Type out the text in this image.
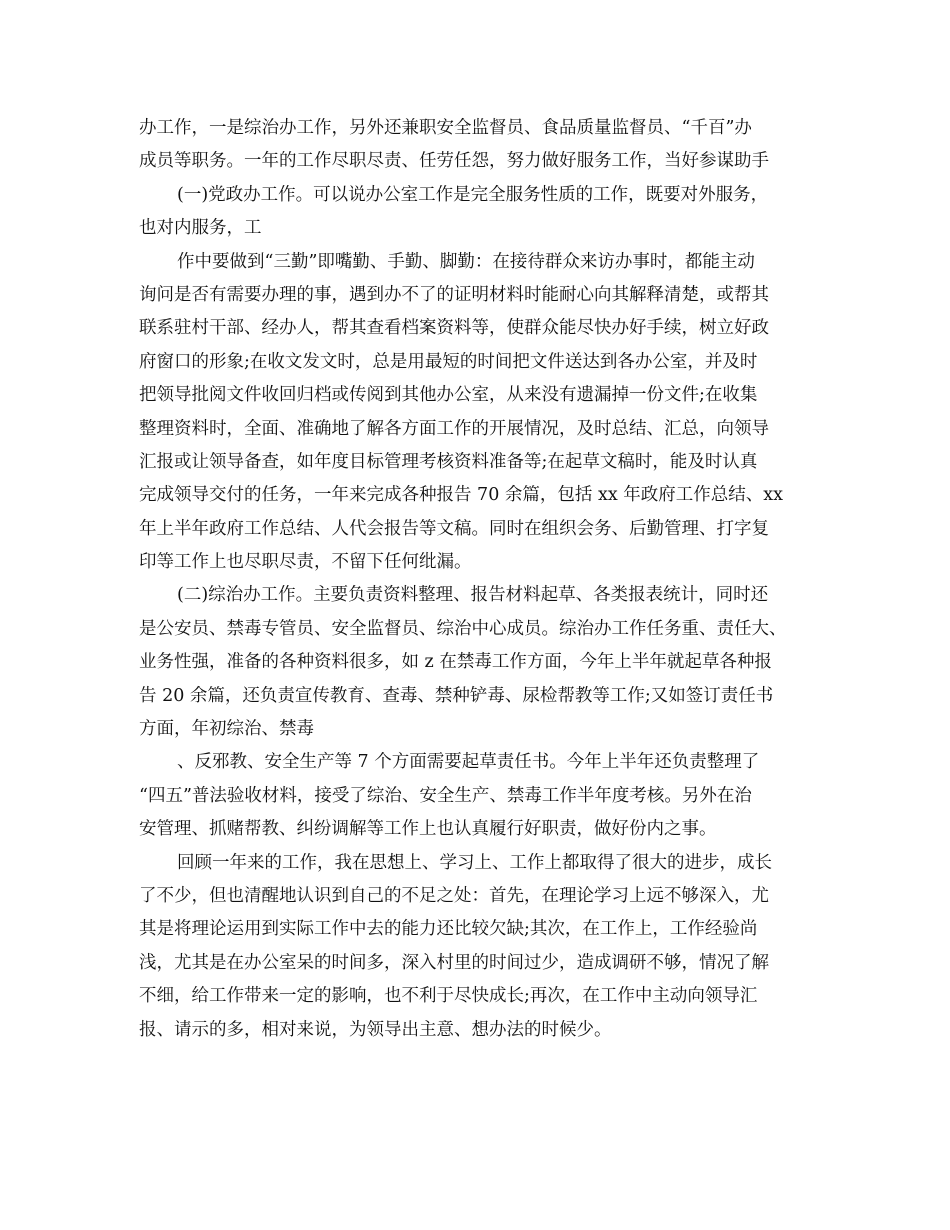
办工作，一是综治办工作，另外还兼职安全监督员、食品质量监督员、“千百”办
成员等职务。一年的工作尽职尽责、任劳任怨，努力做好服务工作，当好参谋助手
(一)党政办工作。可以说办公室工作是完全服务性质的工作，既要对外服务，
也对内服务，工
作中要做到“三勤”即嘴勤、手勤、脚勤：在接待群众来访办事时，都能主动
询问是否有需要办理的事，遇到办不了的证明材料时能耐心向其解释清楚，或帮其
联系驻村干部、经办人，帮其查看档案资料等，使群众能尽快办好手续，树立好政
府窗口的形象;在收文发文时，总是用最短的时间把文件送达到各办公室，并及时
把领导批阅文件收回归档或传阅到其他办公室，从来没有遗漏掉一份文件;在收集
整理资料时，全面、准确地了解各方面工作的开展情况，及时总结、汇总，向领导
汇报或让领导备查，如年度目标管理考核资料准备等;在起草文稿时，能及时认真
完成领导交付的任务，一年来完成各种报告 70 余篇，包括 xx 年政府工作总结、xx
年上半年政府工作总结、人代会报告等文稿。同时在组织会务、后勤管理、打字复
印等工作上也尽职尽责，不留下任何纰漏。
(二)综治办工作。主要负责资料整理、报告材料起草、各类报表统计，同时还
是公安员、禁毒专管员、安全监督员、综治中心成员。综治办工作任务重、责任大、
业务性强，准备的各种资料很多，如 z 在禁毒工作方面，今年上半年就起草各种报
告 20 余篇，还负责宣传教育、查毒、禁种铲毒、尿检帮教等工作;又如签订责任书
方面，年初综治、禁毒
、反邪教、安全生产等 7 个方面需要起草责任书。今年上半年还负责整理了
“四五”普法验收材料，接受了综治、安全生产、禁毒工作半年度考核。另外在治
安管理、抓赌帮教、纠纷调解等工作上也认真履行好职责，做好份内之事。
回顾一年来的工作，我在思想上、学习上、工作上都取得了很大的进步，成长
了不少，但也清醒地认识到自己的不足之处：首先，在理论学习上远不够深入，尤
其是将理论运用到实际工作中去的能力还比较欠缺;其次，在工作上，工作经验尚
浅，尤其是在办公室呆的时间多，深入村里的时间过少，造成调研不够，情况了解
不细，给工作带来一定的影响，也不利于尽快成长;再次，在工作中主动向领导汇
报、请示的多，相对来说，为领导出主意、想办法的时候少。
